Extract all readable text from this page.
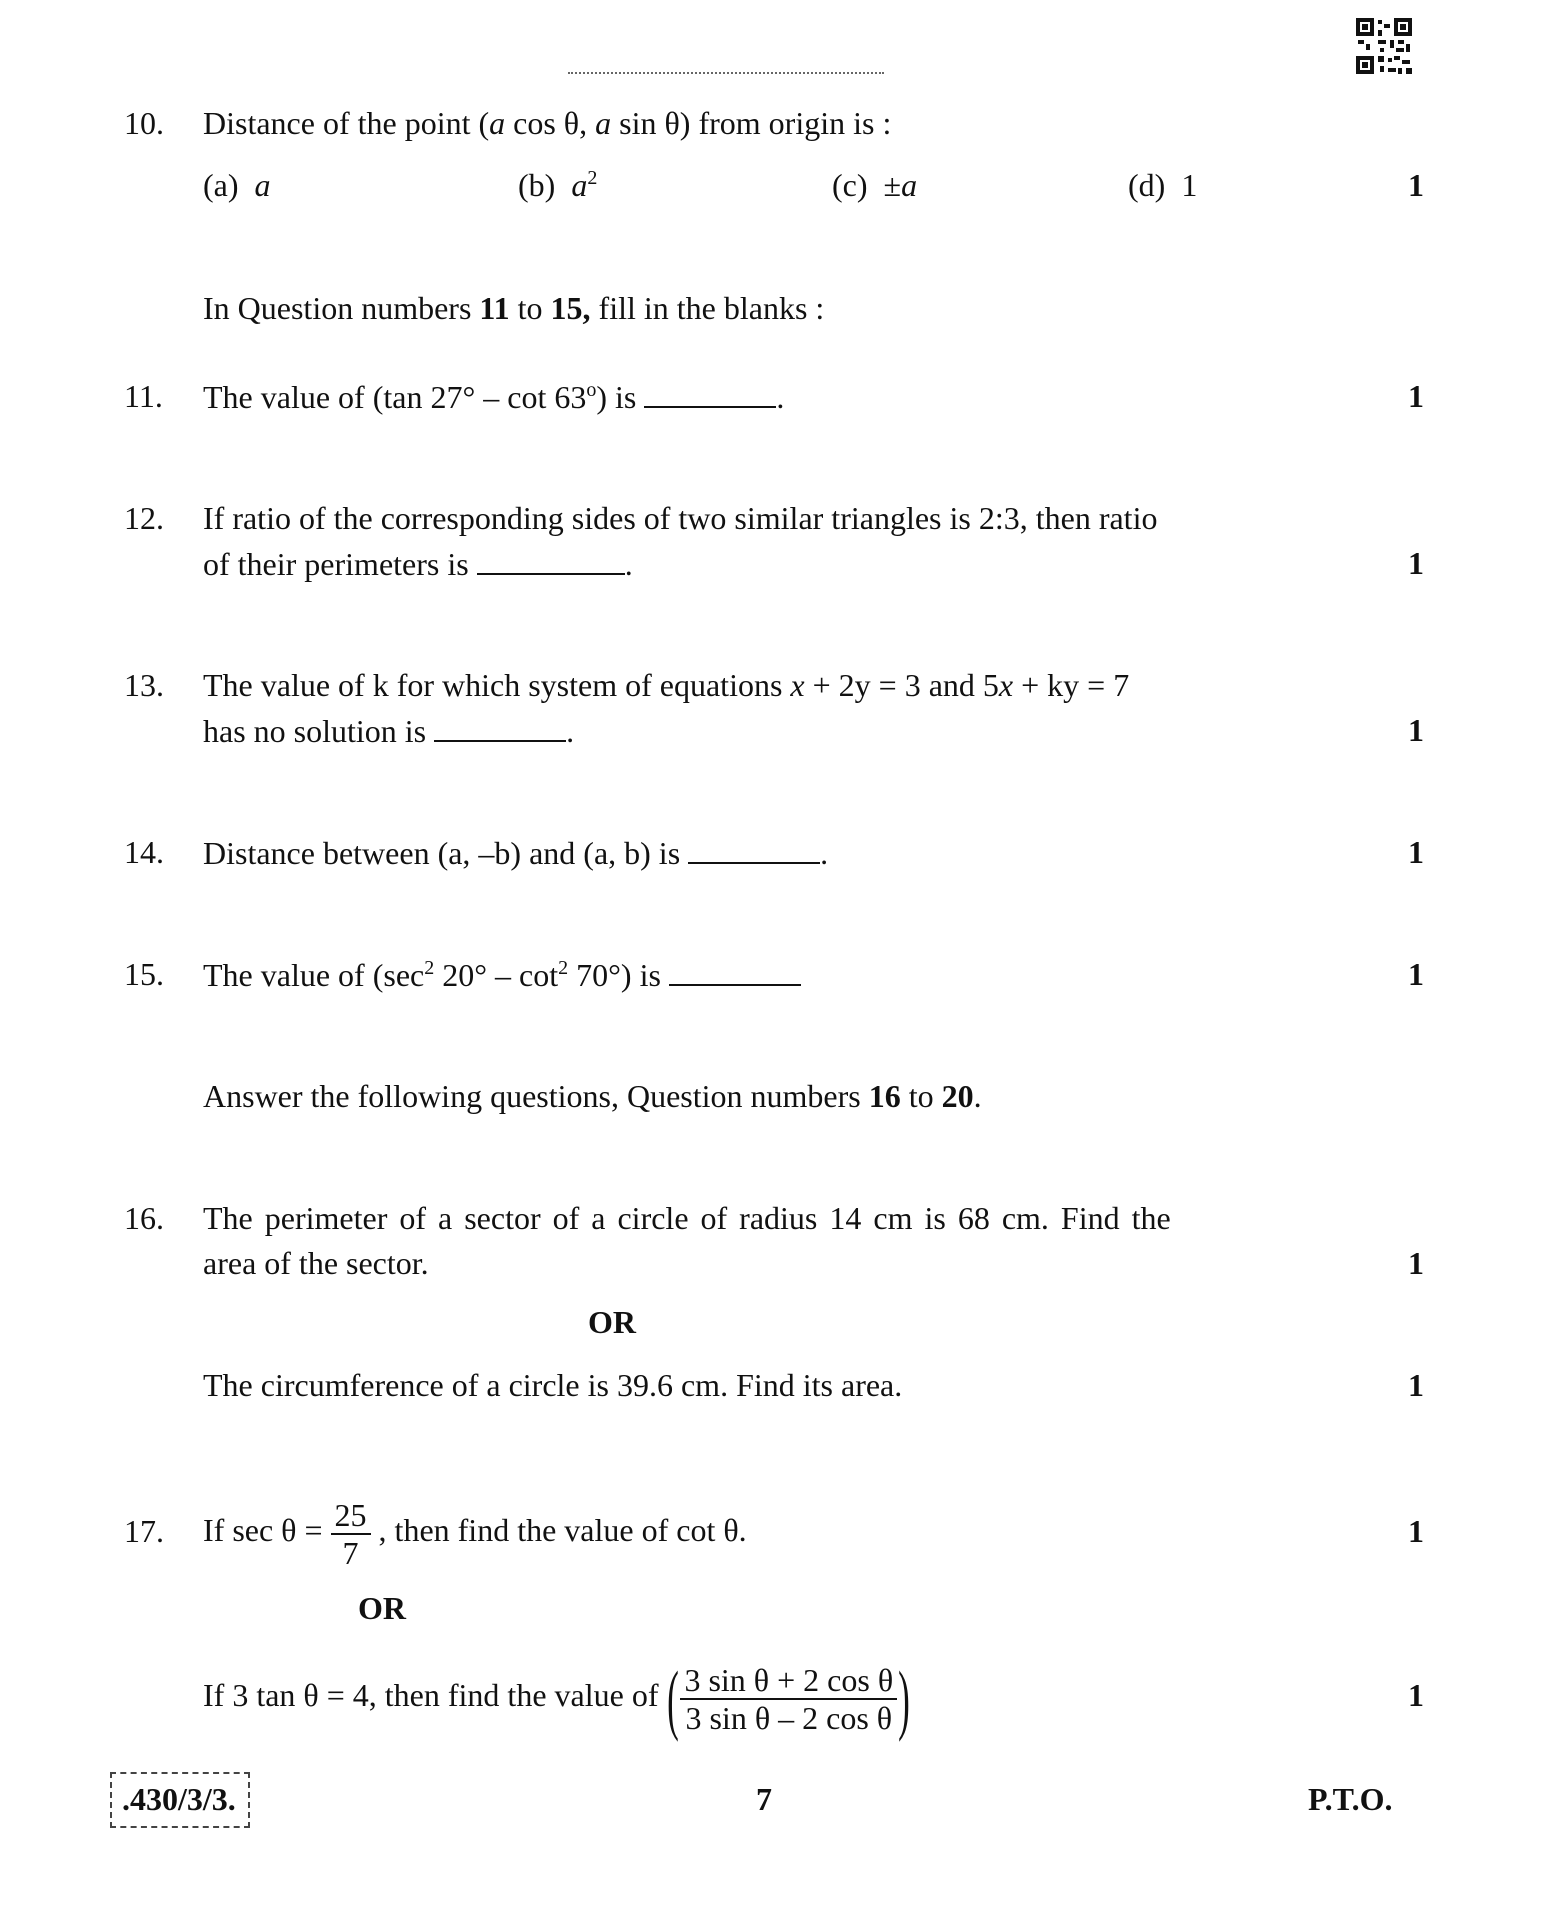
10. Distance of the point (a cos θ, a sin θ) from origin is :
(a) a	(b) $a^2$	(c) ±a	(d) 1	1
In Question numbers 11 to 15, fill in the blanks :
11. The value of (tan 27° – cot 63$^o$) is	.	1
12. If ratio of the corresponding sides of two similar triangles is 2:3, then ratio
of their perimeters is	.	1
13. The value of k for which system of equations x + 2y = 3 and 5x + ky = 7
has no solution is	.	1
14. Distance between (a, –b) and (a, b) is	.	1
15. The value of ($\sec^2$ $20^\circ - \cot^2 70^\circ$) is	1
Answer the following questions, Question numbers 16 to 20.
16. The perimeter of a sector of a circle of radius 14 cm is 68 cm. Find the
area of the sector.	1
OR
The circumference of a circle is 39.6 cm. Find its area.	1
17. If $\sec \theta = \frac{25}{7}$ , then find the value of cot θ.	1
OR
If 3 tan θ = 4, then find the value of ( $\frac{\text{3 sin θ + 2 cos θ}}{\text{3 sin θ – 2 cos θ}}$ )	1
.430/3/3.	7	P.T.O.
